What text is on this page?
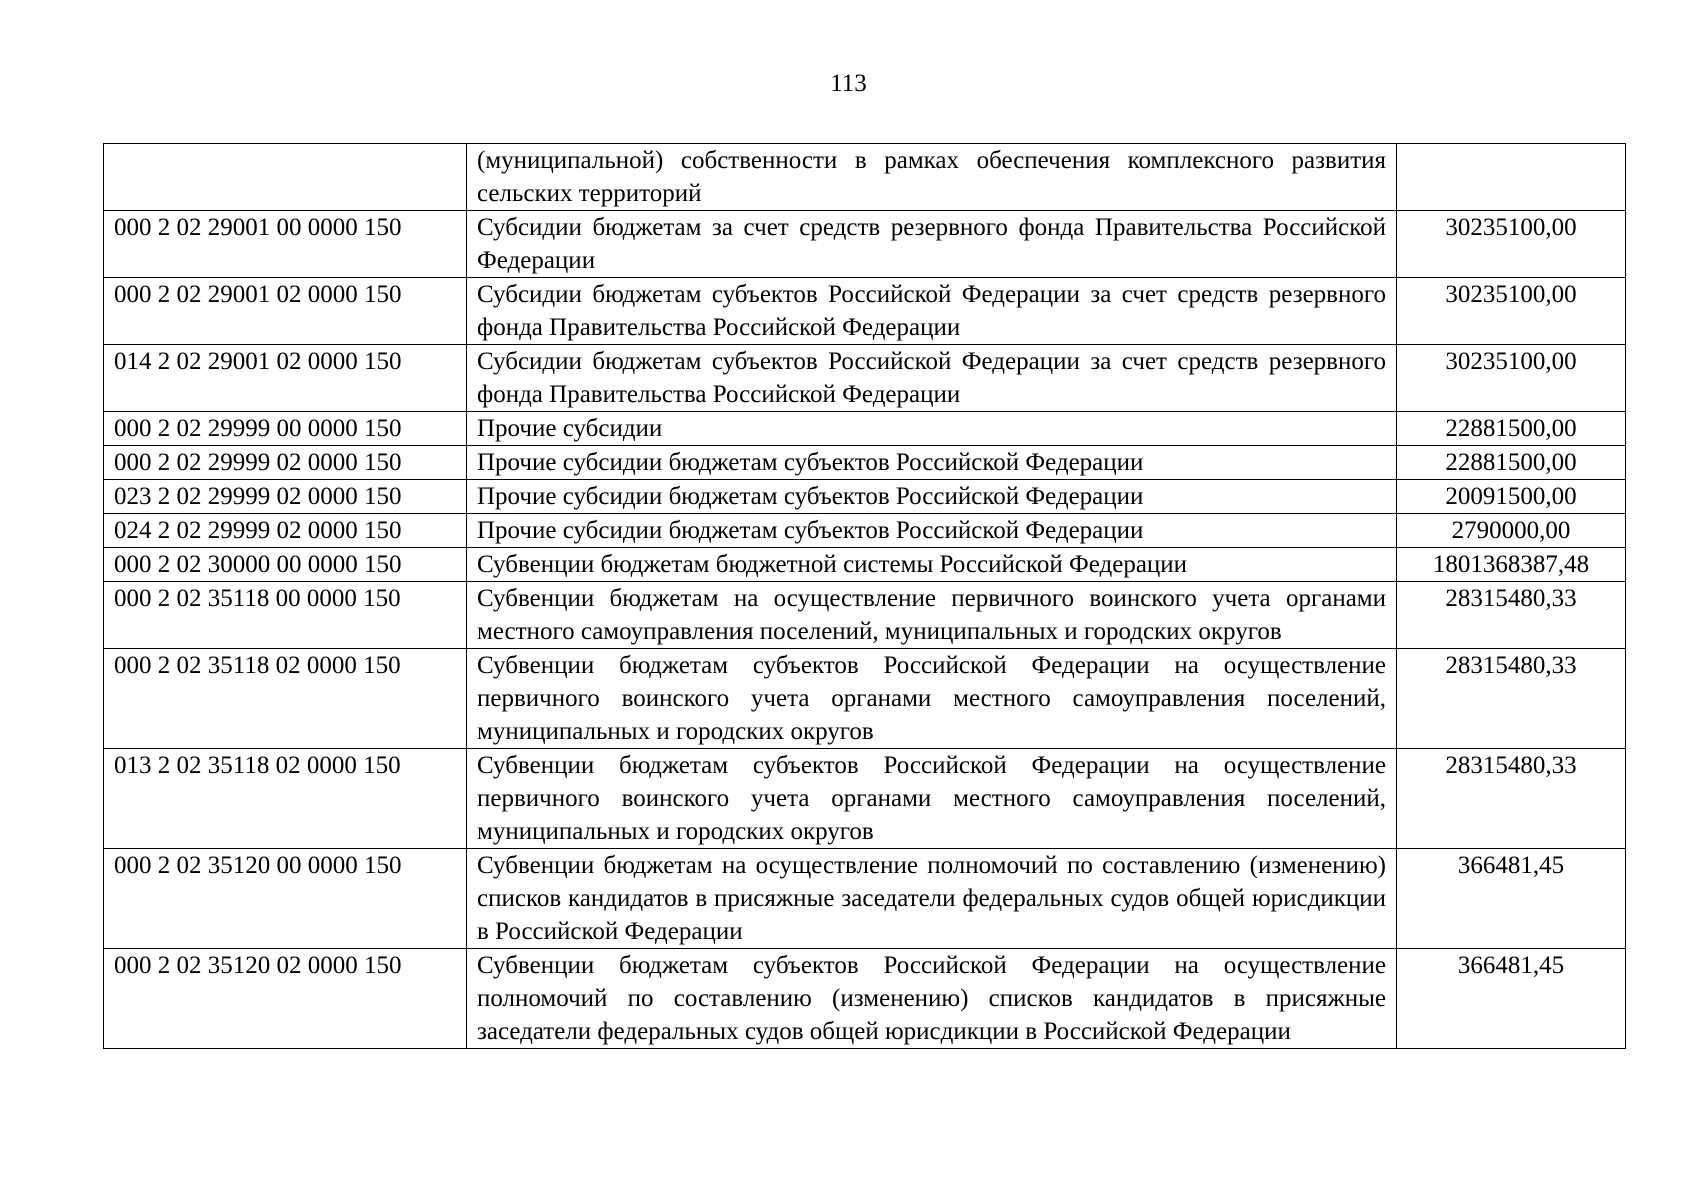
113
	(муниципальной) собственности в рамках обеспечения комплексного развития сельских территорий	
000 2 02 29001 00 0000 150	Субсидии бюджетам за счет средств резервного фонда Правительства Российской Федерации	30235100,00
000 2 02 29001 02 0000 150	Субсидии бюджетам субъектов Российской Федерации за счет средств резервного фонда Правительства Российской Федерации	30235100,00
014 2 02 29001 02 0000 150	Субсидии бюджетам субъектов Российской Федерации за счет средств резервного фонда Правительства Российской Федерации	30235100,00
000 2 02 29999 00 0000 150	Прочие субсидии	22881500,00
000 2 02 29999 02 0000 150	Прочие субсидии бюджетам субъектов Российской Федерации	22881500,00
023 2 02 29999 02 0000 150	Прочие субсидии бюджетам субъектов Российской Федерации	20091500,00
024 2 02 29999 02 0000 150	Прочие субсидии бюджетам субъектов Российской Федерации	2790000,00
000 2 02 30000 00 0000 150	Субвенции бюджетам бюджетной системы Российской Федерации	1801368387,48
000 2 02 35118 00 0000 150	Субвенции бюджетам на осуществление первичного воинского учета органами местного самоуправления поселений, муниципальных и городских округов	28315480,33
000 2 02 35118 02 0000 150	Субвенции бюджетам субъектов Российской Федерации на осуществление первичного воинского учета органами местного самоуправления поселений, муниципальных и городских округов	28315480,33
013 2 02 35118 02 0000 150	Субвенции бюджетам субъектов Российской Федерации на осуществление первичного воинского учета органами местного самоуправления поселений, муниципальных и городских округов	28315480,33
000 2 02 35120 00 0000 150	Субвенции бюджетам на осуществление полномочий по составлению (изменению) списков кандидатов в присяжные заседатели федеральных судов общей юрисдикции в Российской Федерации	366481,45
000 2 02 35120 02 0000 150	Субвенции бюджетам субъектов Российской Федерации на осуществление полномочий по составлению (изменению) списков кандидатов в присяжные заседатели федеральных судов общей юрисдикции в Российской Федерации	366481,45
